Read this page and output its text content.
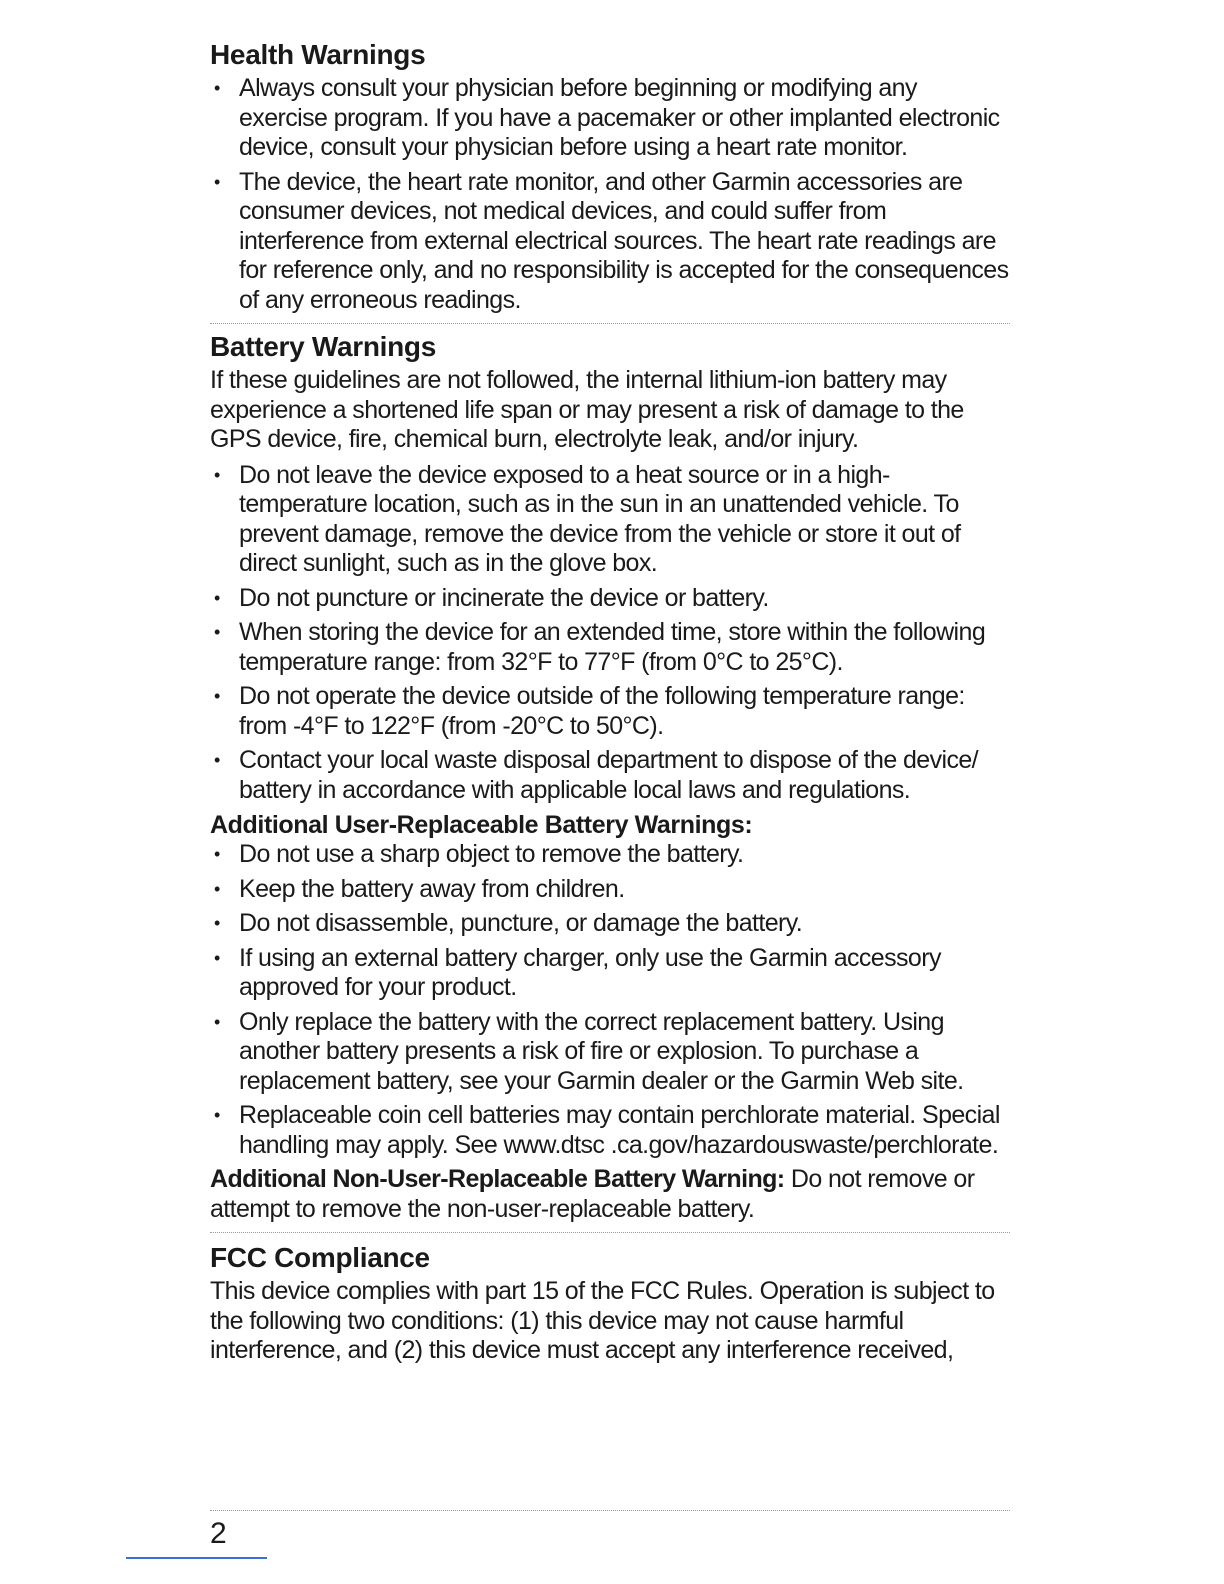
Health Warnings
• Always consult your physician before beginning or modifying any exercise program. If you have a pacemaker or other implanted electronic device, consult your physician before using a heart rate monitor.
• The device, the heart rate monitor, and other Garmin accessories are consumer devices, not medical devices, and could suffer from interference from external electrical sources. The heart rate readings are for reference only, and no responsibility is accepted for the consequences of any erroneous readings.
Battery Warnings

If these guidelines are not followed, the internal lithium-ion battery may experience a shortened life span or may present a risk of damage to the GPS device, fire, chemical burn, electrolyte leak, and/or injury.

• Do not leave the device exposed to a heat source or in a high-temperature location, such as in the sun in an unattended vehicle. To prevent damage, remove the device from the vehicle or store it out of direct sunlight, such as in the glove box.
• Do not puncture or incinerate the device or battery.
• When storing the device for an extended time, store within the following temperature range: from 32°F to 77°F (from 0°C to 25°C).
• Do not operate the device outside of the following temperature range: from -4°F to 122°F (from -20°C to 50°C).
• Contact your local waste disposal department to dispose of the device/ battery in accordance with applicable local laws and regulations.
Additional User-Replaceable Battery Warnings:
• Do not use a sharp object to remove the battery.
• Keep the battery away from children.
• Do not disassemble, puncture, or damage the battery.
• If using an external battery charger, only use the Garmin accessory approved for your product.
• Only replace the battery with the correct replacement battery. Using another battery presents a risk of fire or explosion. To purchase a replacement battery, see your Garmin dealer or the Garmin Web site.
• Replaceable coin cell batteries may contain perchlorate material. Special handling may apply. See www.dtsc .ca.gov/hazardouswaste/perchlorate.

Additional Non-User-Replaceable Battery Warning: Do not remove or attempt to remove the non-user-replaceable battery.

FCC Compliance

This device complies with part 15 of the FCC Rules. Operation is subject to the following two conditions: (1) this device may not cause harmful interference, and (2) this device must accept any interference received,

2
